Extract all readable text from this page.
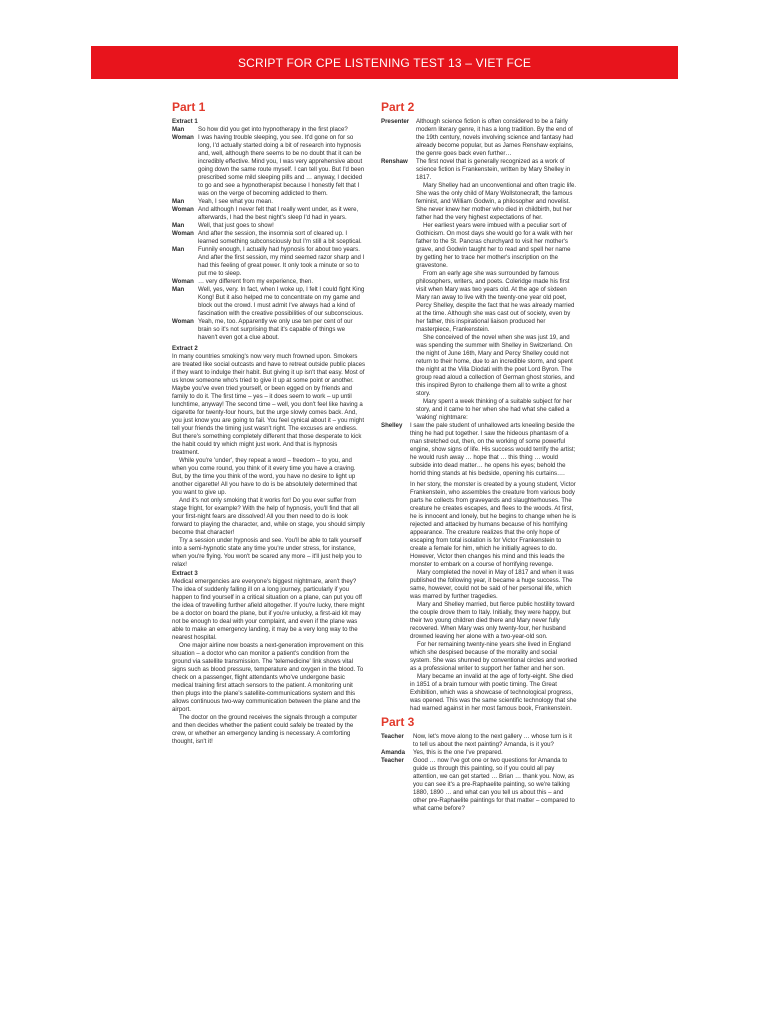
SCRIPT FOR CPE LISTENING TEST 13 – VIET FCE
Part 1
Extract 1
Man So how did you get into hypnotherapy in the first place?
Woman I was having trouble sleeping, you see. It'd gone on for so long, I'd actually started doing a bit of research into hypnosis and, well, although there seems to be no doubt that it can be incredibly effective. Mind you, I was very apprehensive about going down the same route myself. I can tell you. But I'd been prescribed some mild sleeping pills and … anyway, I decided to go and see a hypnotherapist because I honestly felt that I was on the verge of becoming addicted to them.
Man Yeah, I see what you mean.
Woman And although I never felt that I really went under, as it were, afterwards, I had the best night's sleep I'd had in years.
Man Well, that just goes to show!
Woman And after the session, the insomnia sort of cleared up. I learned something subconsciously but I'm still a bit sceptical.
Man Funnily enough, I actually had hypnosis for about two years. And after the first session, my mind seemed razor sharp and I had this feeling of great power. It only took a minute or so to put me to sleep.
Woman … very different from my experience, then.
Man Well, yes, very. In fact, when I woke up, I felt I could fight King Kong! But it also helped me to concentrate on my game and block out the crowd. I must admit I've always had a kind of fascination with the creative possibilities of our subconscious.
Woman Yeah, me, too. Apparently we only use ten per cent of our brain so it's not surprising that it's capable of things we haven't even got a clue about.
Extract 2

In many countries smoking's now very much frowned upon. Smokers are treated like social outcasts and have to retreat outside public places if they want to indulge their habit. But giving it up isn't that easy. Most of us know someone who's tried to give it up at some point or another. Maybe you've even tried yourself, or been egged on by friends and family to do it. The first time – yes – it does seem to work – up until lunchtime, anyway! The second time – well, you don't feel like having a cigarette for twenty-four hours, but the urge slowly comes back. And, you just know you are going to fail. You feel cynical about it – you might tell your friends the timing just wasn't right. The excuses are endless. But there's something completely different that those desperate to kick the habit could try which might just work. And that is hypnosis treatment.

While you're 'under', they repeat a word – freedom – to you, and when you come round, you think of it every time you have a craving. But, by the time you think of the word, you have no desire to light up another cigarette! All you have to do is be absolutely determined that you want to give up.

And it's not only smoking that it works for! Do you ever suffer from stage fright, for example? With the help of hypnosis, you'll find that all your first-night fears are dissolved! All you then need to do is look forward to playing the character, and, while on stage, you should simply become that character!

Try a session under hypnosis and see. You'll be able to talk yourself into a semi-hypnotic state any time you're under stress, for instance, when you're flying. You won't be scared any more – it'll just help you to relax!

Extract 3

Medical emergencies are everyone's biggest nightmare, aren't they? The idea of suddenly falling ill on a long journey, particularly if you happen to find yourself in a critical situation on a plane, can put you off the idea of travelling further afield altogether. If you're lucky, there might be a doctor on board the plane, but if you're unlucky, a first-aid kit may not be enough to deal with your complaint, and even if the plane was able to make an emergency landing, it may be a very long way to the nearest hospital.

One major airline now boasts a next-generation improvement on this situation – a doctor who can monitor a patient's condition from the ground via satellite transmission. The 'telemedicine' link shows vital signs such as blood pressure, temperature and oxygen in the blood. To check on a passenger, flight attendants who've undergone basic medical training first attach sensors to the patient. A monitoring unit then plugs into the plane's satellite-communications system and this allows continuous two-way communication between the plane and the airport.

The doctor on the ground receives the signals through a computer and then decides whether the patient could safely be treated by the crew, or whether an emergency landing is necessary. A comforting thought, isn't it!

Part 2
Presenter Although science fiction is often considered to be a fairly modern literary genre, it has a long tradition. By the end of the 19th century, novels involving science and fantasy had already become popular, but as James Renshaw explains, the genre goes back even further…
Renshaw The first novel that is generally recognized as a work of science fiction is Frankenstein, written by Mary Shelley in 1817.

Mary Shelley had an unconventional and often tragic life. She was the only child of Mary Wollstonecraft, the famous feminist, and William Godwin, a philosopher and novelist. She never knew her mother who died in childbirth, but her father had the very highest expectations of her.

Her earliest years were imbued with a peculiar sort of Gothicism. On most days she would go for a walk with her father to the St. Pancras churchyard to visit her mother's grave, and Godwin taught her to read and spell her name by getting her to trace her mother's inscription on the gravestone.

From an early age she was surrounded by famous philosophers, writers, and poets. Coleridge made his first visit when Mary was two years old. At the age of sixteen Mary ran away to live with the twenty-one year old poet, Percy Shelley, despite the fact that he was already married at the time. Although she was cast out of society, even by her father, this inspirational liaison produced her masterpiece, Frankenstein.

She conceived of the novel when she was just 19, and was spending the summer with Shelley in Switzerland. On the night of June 16th, Mary and Percy Shelley could not return to their home, due to an incredible storm, and spent the night at the Villa Diodati with the poet Lord Byron. The group read aloud a collection of German ghost stories, and this inspired Byron to challenge them all to write a ghost story.

Mary spent a week thinking of a suitable subject for her story, and it came to her when she had what she called a 'waking' nightmare:

Shelley I saw the pale student of unhallowed arts kneeling beside the thing he had put together. I saw the hideous phantasm of a man stretched out, then, on the working of some powerful engine, show signs of life. His success would terrify the artist; he would rush away … hope that … this thing … would subside into dead matter… he opens his eyes; behold the horrid thing stands at his bedside, opening his curtains….

In her story, the monster is created by a young student, Victor Frankenstein, who assembles the creature from various body parts he collects from graveyards and slaughterhouses. The creature he creates escapes, and flees to the woods. At first, he is innocent and lonely, but he begins to change when he is rejected and attacked by humans because of his horrifying appearance. The creature realizes that the only hope of escaping from total isolation is for Victor Frankenstein to create a female for him, which he initially agrees to do. However, Victor then changes his mind and this leads the monster to embark on a course of horrifying revenge.

Mary completed the novel in May of 1817 and when it was published the following year, it became a huge success. The same, however, could not be said of her personal life, which was marred by further tragedies.

Mary and Shelley married, but fierce public hostility toward the couple drove them to Italy. Initially, they were happy, but their two young children died there and Mary never fully recovered. When Mary was only twenty-four, her husband drowned leaving her alone with a two-year-old son.

For her remaining twenty-nine years she lived in England which she despised because of the morality and social system. She was shunned by conventional circles and worked as a professional writer to support her father and her son.

Mary became an invalid at the age of forty-eight. She died in 1851 of a brain tumour with poetic timing. The Great Exhibition, which was a showcase of technological progress, was opened. This was the same scientific technology that she had warned against in her most famous book, Frankenstein.

Part 3
Teacher Now, let's move along to the next gallery … whose turn is it to tell us about the next painting? Amanda, is it you?
Amanda Yes, this is the one I've prepared.
Teacher Good … now I've got one or two questions for Amanda to guide us through this painting, so if you could all pay attention, we can get started … Brian … thank you. Now, as you can see it's a pre-Raphaelite painting, so we're talking 1880, 1890 … and what can you tell us about this – and other pre-Raphaelite paintings for that matter – compared to what came before?
